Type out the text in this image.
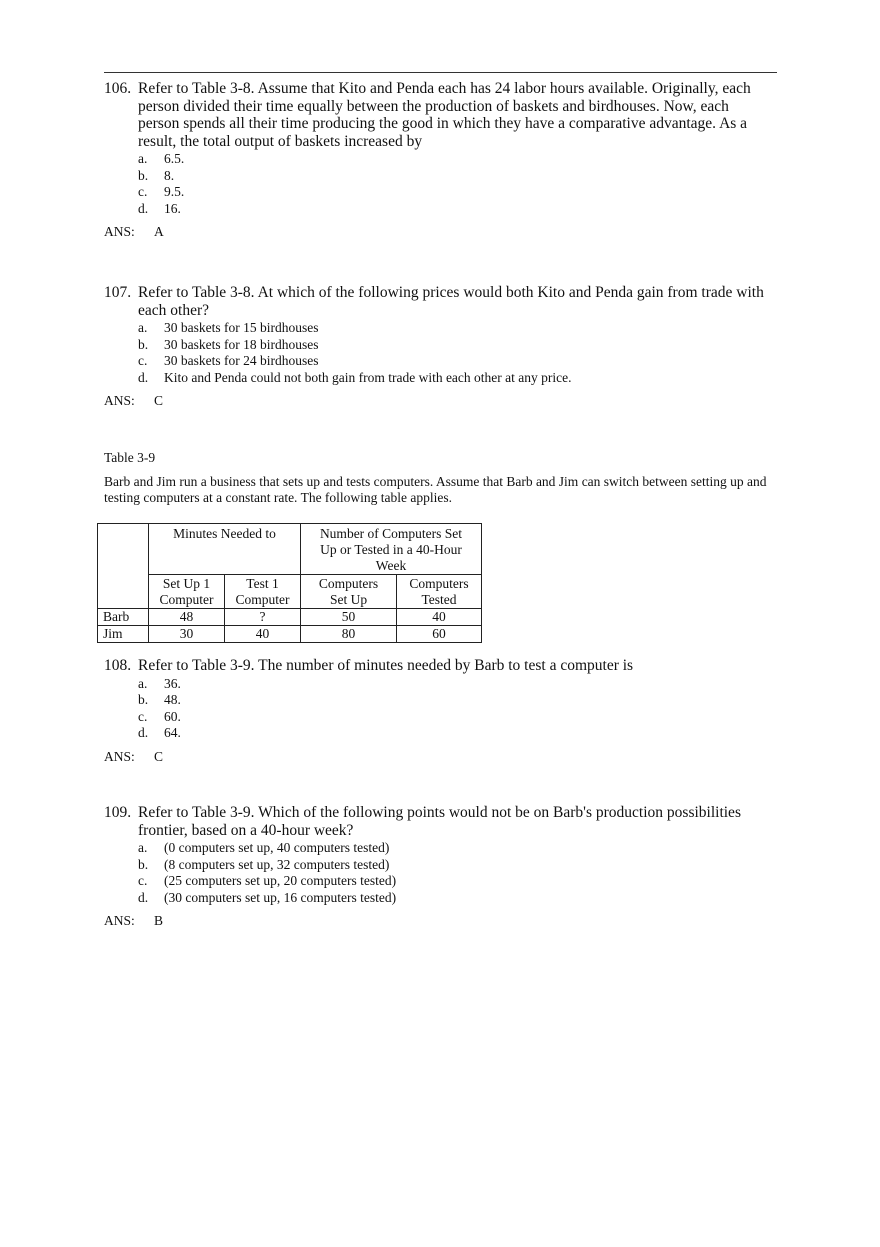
106. Refer to Table 3-8. Assume that Kito and Penda each has 24 labor hours available. Originally, each person divided their time equally between the production of baskets and birdhouses. Now, each person spends all their time producing the good in which they have a comparative advantage. As a result, the total output of baskets increased by
a.	6.5.
b.	8.
c.	9.5.
d.	16.
ANS: A
107. Refer to Table 3-8. At which of the following prices would both Kito and Penda gain from trade with each other?
a.	30 baskets for 15 birdhouses
b.	30 baskets for 18 birdhouses
c.	30 baskets for 24 birdhouses
d.	Kito and Penda could not both gain from trade with each other at any price.
ANS: C
Table 3-9
Barb and Jim run a business that sets up and tests computers. Assume that Barb and Jim can switch between setting up and testing computers at a constant rate. The following table applies.
	Minutes Needed to		Number of Computers Set Up or Tested in a 40-Hour Week	
	Set Up 1 Computer	Test 1 Computer	Computers Set Up	Computers Tested
Barb	48	?	50	40
Jim	30	40	80	60
108. Refer to Table 3-9. The number of minutes needed by Barb to test a computer is
a.	36.
b.	48.
c.	60.
d.	64.
ANS: C
109. Refer to Table 3-9. Which of the following points would not be on Barb's production possibilities frontier, based on a 40-hour week?
a.	(0 computers set up, 40 computers tested)
b.	(8 computers set up, 32 computers tested)
c.	(25 computers set up, 20 computers tested)
d.	(30 computers set up, 16 computers tested)
ANS: B
